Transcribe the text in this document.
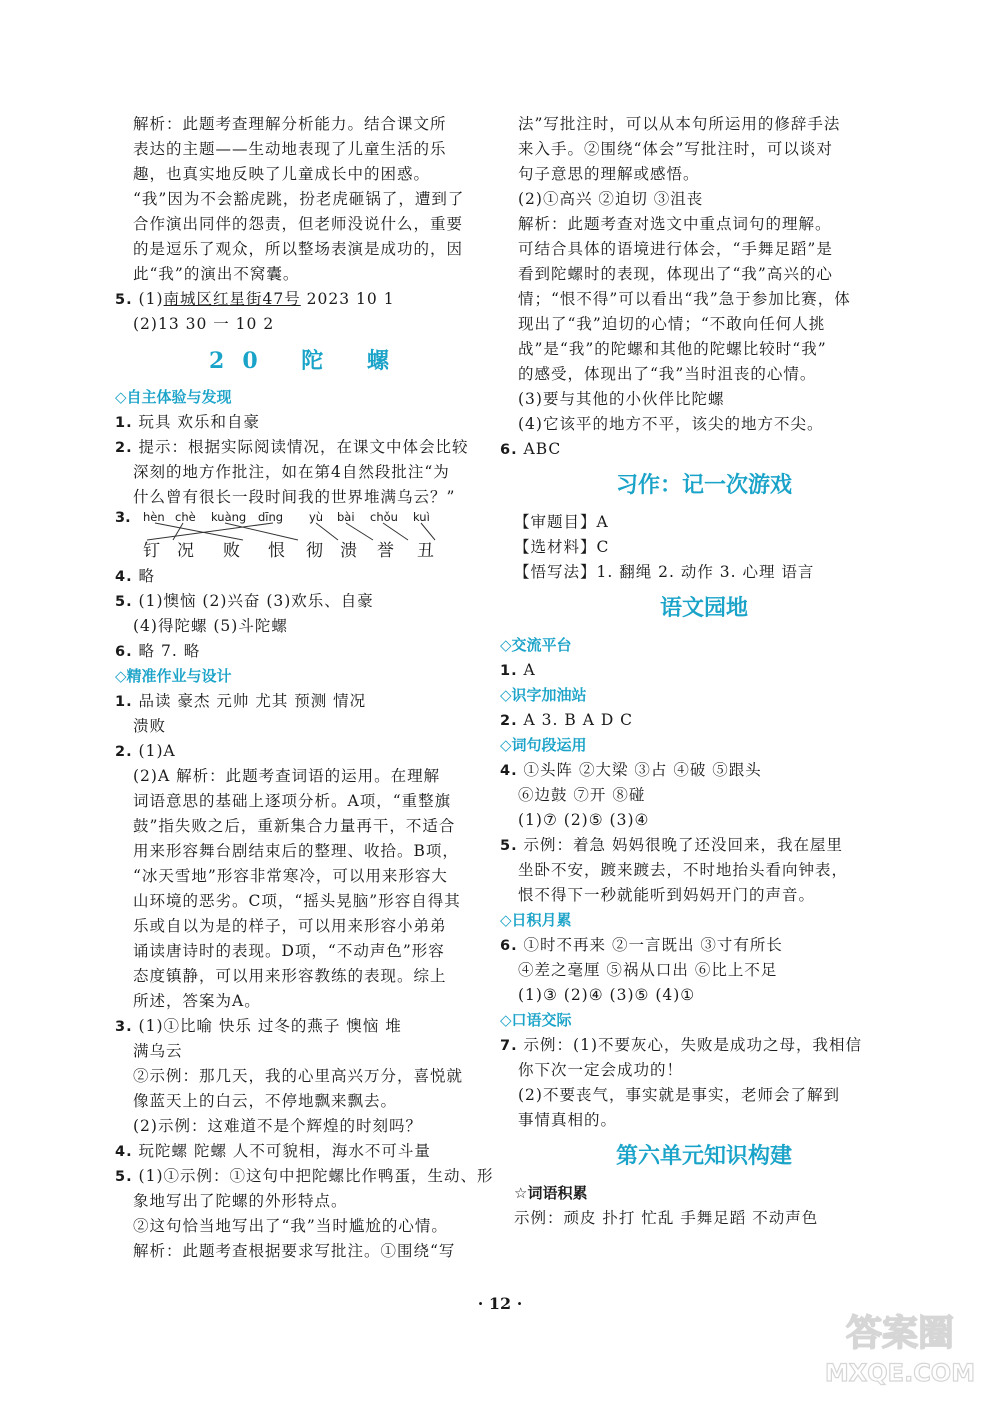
解析：此题考查理解分析能力。结合课文所
表达的主题——生动地表现了儿童生活的乐
趣，也真实地反映了儿童成长中的困惑。
“我”因为不会豁虎跳，扮老虎砸锅了，遭到了
合作演出同伴的怨责，但老师没说什么，重要
的是逗乐了观众，所以整场表演是成功的，因
此“我”的演出不窝囊。
5. (1)南城区红星街47号 2023 10 1
(2)13 30 一 10 2
20 陀 螺
◇自主体验与发现
1. 玩具 欢乐和自豪
2. 提示：根据实际阅读情况，在课文中体会比较
深刻的地方作批注，如在第4自然段批注“为
什么曾有很长一段时间我的世界堆满乌云？”
3. hèn chè kuàng dīng yù bài chǒu kuì
钉 况 败 恨 彻 溃 誉 丑
4. 略
5. (1)懊恼 (2)兴奋 (3)欢乐、自豪
(4)得陀螺 (5)斗陀螺
6. 略 7. 略
◇精准作业与设计
1. 品读 豪杰 元帅 尤其 预测 情况
溃败
2. (1)A
(2)A 解析：此题考查词语的运用。在理解
词语意思的基础上逐项分析。A项，“重整旗
鼓”指失败之后，重新集合力量再干，不适合
用来形容舞台剧结束后的整理、收拾。B项，
“冰天雪地”形容非常寒冷，可以用来形容大
山环境的恶劣。C项，“摇头晃脑”形容自得其
乐或自以为是的样子，可以用来形容小弟弟
诵读唐诗时的表现。D项，“不动声色”形容
态度镇静，可以用来形容教练的表现。综上
所述，答案为A。
3. (1)①比喻 快乐 过冬的燕子 懊恼 堆
满乌云
②示例：那几天，我的心里高兴万分，喜悦就
像蓝天上的白云，不停地飘来飘去。
(2)示例：这难道不是个辉煌的时刻吗？
4. 玩陀螺 陀螺 人不可貌相，海水不可斗量
5. (1)①示例：①这句中把陀螺比作鸭蛋，生动、形
象地写出了陀螺的外形特点。
②这句恰当地写出了“我”当时尴尬的心情。
解析：此题考查根据要求写批注。①围绕“写
法”写批注时，可以从本句所运用的修辞手法
来入手。②围绕“体会”写批注时，可以谈对
句子意思的理解或感悟。
(2)①高兴 ②迫切 ③沮丧
解析：此题考查对选文中重点词句的理解。
可结合具体的语境进行体会，“手舞足蹈”是
看到陀螺时的表现，体现出了“我”高兴的心
情；“恨不得”可以看出“我”急于参加比赛，体
现出了“我”迫切的心情；“不敢向任何人挑
战”是“我”的陀螺和其他的陀螺比较时“我”
的感受，体现出了“我”当时沮丧的心情。
(3)要与其他的小伙伴比陀螺
(4)它该平的地方不平，该尖的地方不尖。
6. ABC
习作：记一次游戏
【审题目】A
【选材料】C
【悟写法】1. 翻绳 2. 动作 3. 心理 语言
语文园地
◇交流平台
1. A
◇识字加油站
2. A 3. B A D C
◇词句段运用
4. ①头阵 ②大梁 ③占 ④破 ⑤跟头
⑥边鼓 ⑦开 ⑧碰
(1)⑦ (2)⑤ (3)④
5. 示例：着急 妈妈很晚了还没回来，我在屋里
坐卧不安，踱来踱去，不时地抬头看向钟表，
恨不得下一秒就能听到妈妈开门的声音。
◇日积月累
6. ①时不再来 ②一言既出 ③寸有所长
④差之毫厘 ⑤祸从口出 ⑥比上不足
(1)③ (2)④ (3)⑤ (4)①
◇口语交际
7. 示例：(1)不要灰心，失败是成功之母，我相信
你下次一定会成功的！
(2)不要丧气，事实就是事实，老师会了解到
事情真相的。
第六单元知识构建
☆词语积累
示例：顽皮 扑打 忙乱 手舞足蹈 不动声色
· 12 ·
答案圈
MXQE.COM
